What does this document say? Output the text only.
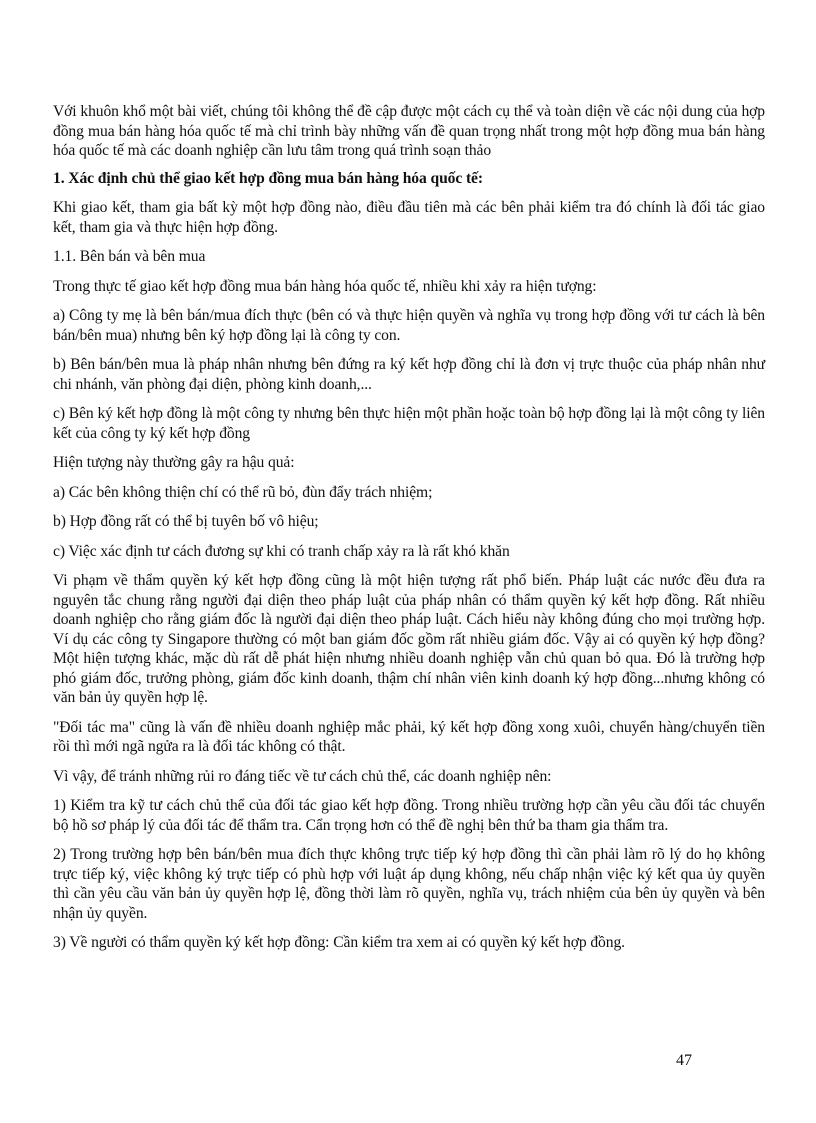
Với khuôn khổ một bài viết, chúng tôi không thể đề cập được một cách cụ thể và toàn diện về các nội dung của hợp đồng mua bán hàng hóa quốc tế mà chỉ trình bày những vấn đề quan trọng nhất trong một hợp đồng mua bán hàng hóa quốc tế mà các doanh nghiệp cần lưu tâm trong quá trình soạn thảo

1. Xác định chủ thể giao kết hợp đồng mua bán hàng hóa quốc tế:

Khi giao kết, tham gia bất kỳ một hợp đồng nào, điều đầu tiên mà các bên phải kiểm tra đó chính là đối tác giao kết, tham gia và thực hiện hợp đồng.

1.1. Bên bán và bên mua

Trong thực tế giao kết hợp đồng mua bán hàng hóa quốc tế, nhiều khi xảy ra hiện tượng:

a) Công ty mẹ là bên bán/mua đích thực (bên có và thực hiện quyền và nghĩa vụ trong hợp đồng với tư cách là bên bán/bên mua) nhưng bên ký hợp đồng lại là công ty con.

b) Bên bán/bên mua là pháp nhân nhưng bên đứng ra ký kết hợp đồng chỉ là đơn vị trực thuộc của pháp nhân như chi nhánh, văn phòng đại diện, phòng kinh doanh,...

c) Bên ký kết hợp đồng là một công ty nhưng bên thực hiện một phần hoặc toàn bộ hợp đồng lại là một công ty liên kết của công ty ký kết hợp đồng

Hiện tượng này thường gây ra hậu quả:

a) Các bên không thiện chí có thể rũ bỏ, đùn đẩy trách nhiệm;

b) Hợp đồng rất có thể bị tuyên bố vô hiệu;

c) Việc xác định tư cách đương sự khi có tranh chấp xảy ra là rất khó khăn

Vi phạm về thẩm quyền ký kết hợp đồng cũng là một hiện tượng rất phổ biến. Pháp luật các nước đều đưa ra nguyên tắc chung rằng người đại diện theo pháp luật của pháp nhân có thẩm quyền ký kết hợp đồng. Rất nhiều doanh nghiệp cho rằng giám đốc là người đại diện theo pháp luật. Cách hiểu này không đúng cho mọi trường hợp. Ví dụ các công ty Singapore thường có một ban giám đốc gồm rất nhiều giám đốc. Vậy ai có quyền ký hợp đồng? Một hiện tượng khác, mặc dù rất dễ phát hiện nhưng nhiều doanh nghiệp vẫn chủ quan bỏ qua. Đó là trường hợp phó giám đốc, trưởng phòng, giám đốc kinh doanh, thậm chí nhân viên kinh doanh ký hợp đồng...nhưng không có văn bản ủy quyền hợp lệ.

"Đối tác ma" cũng là vấn đề nhiều doanh nghiệp mắc phải, ký kết hợp đồng xong xuôi, chuyển hàng/chuyển tiền rồi thì mới ngã ngửa ra là đối tác không có thật.

Vì vậy, để tránh những rủi ro đáng tiếc về tư cách chủ thể, các doanh nghiệp nên:

1) Kiểm tra kỹ tư cách chủ thể của đối tác giao kết hợp đồng. Trong nhiều trường hợp cần yêu cầu đối tác chuyển bộ hồ sơ pháp lý của đối tác để thẩm tra. Cẩn trọng hơn có thể đề nghị bên thứ ba tham gia thẩm tra.

2) Trong trường hợp bên bán/bên mua đích thực không trực tiếp ký hợp đồng thì cần phải làm rõ lý do họ không trực tiếp ký, việc không ký trực tiếp có phù hợp với luật áp dụng không, nếu chấp nhận việc ký kết qua ủy quyền thì cần yêu cầu văn bản ủy quyền hợp lệ, đồng thời làm rõ quyền, nghĩa vụ, trách nhiệm của bên ủy quyền và bên nhận ủy quyền.

3) Về người có thẩm quyền ký kết hợp đồng: Cần kiểm tra xem ai có quyền ký kết hợp đồng.

47
